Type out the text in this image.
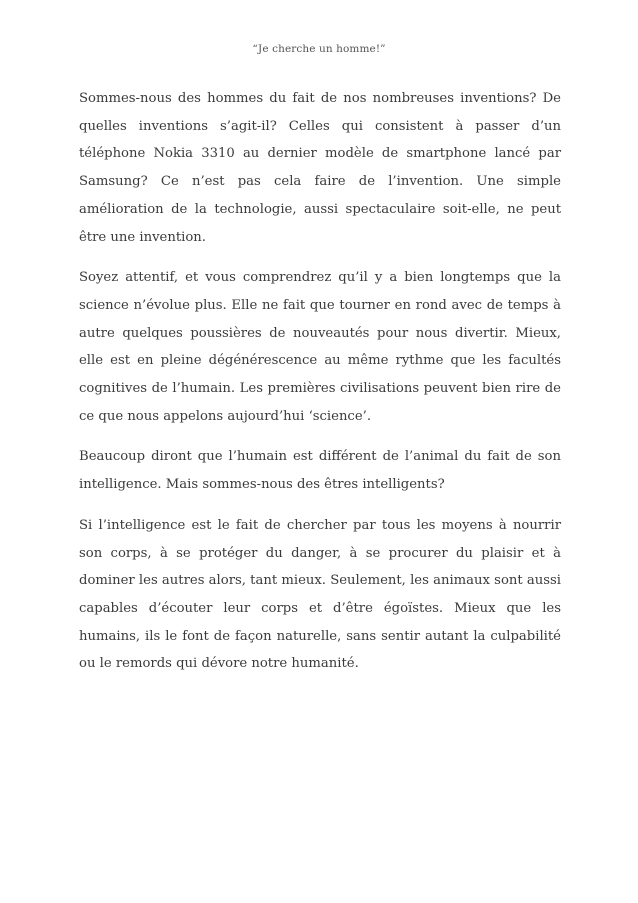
“Je cherche un homme!”

Sommes-nous des hommes du fait de nos nombreuses inventions? De quelles inventions s’agit-il? Celles qui consistent à passer d’un téléphone Nokia 3310 au dernier modèle de smartphone lancé par Samsung? Ce n’est pas cela faire de l’invention. Une simple amélioration de la technologie, aussi spectaculaire soit-elle, ne peut être une invention.

Soyez attentif, et vous comprendrez qu’il y a bien longtemps que la science n’évolue plus. Elle ne fait que tourner en rond avec de temps à autre quelques poussières de nouveautés pour nous divertir. Mieux, elle est en pleine dégénérescence au même rythme que les facultés cognitives de l’humain. Les premières civilisations peuvent bien rire de ce que nous appelons aujourd’hui ‘science’.

Beaucoup diront que l’humain est différent de l’animal du fait de son intelligence. Mais sommes-nous des êtres intelligents?

Si l’intelligence est le fait de chercher par tous les moyens à nourrir son corps, à se protéger du danger, à se procurer du plaisir et à dominer les autres alors, tant mieux. Seulement, les animaux sont aussi capables d’écouter leur corps et d’être égoïstes. Mieux que les humains, ils le font de façon naturelle, sans sentir autant la culpabilité ou le remords qui dévore notre humanité.
